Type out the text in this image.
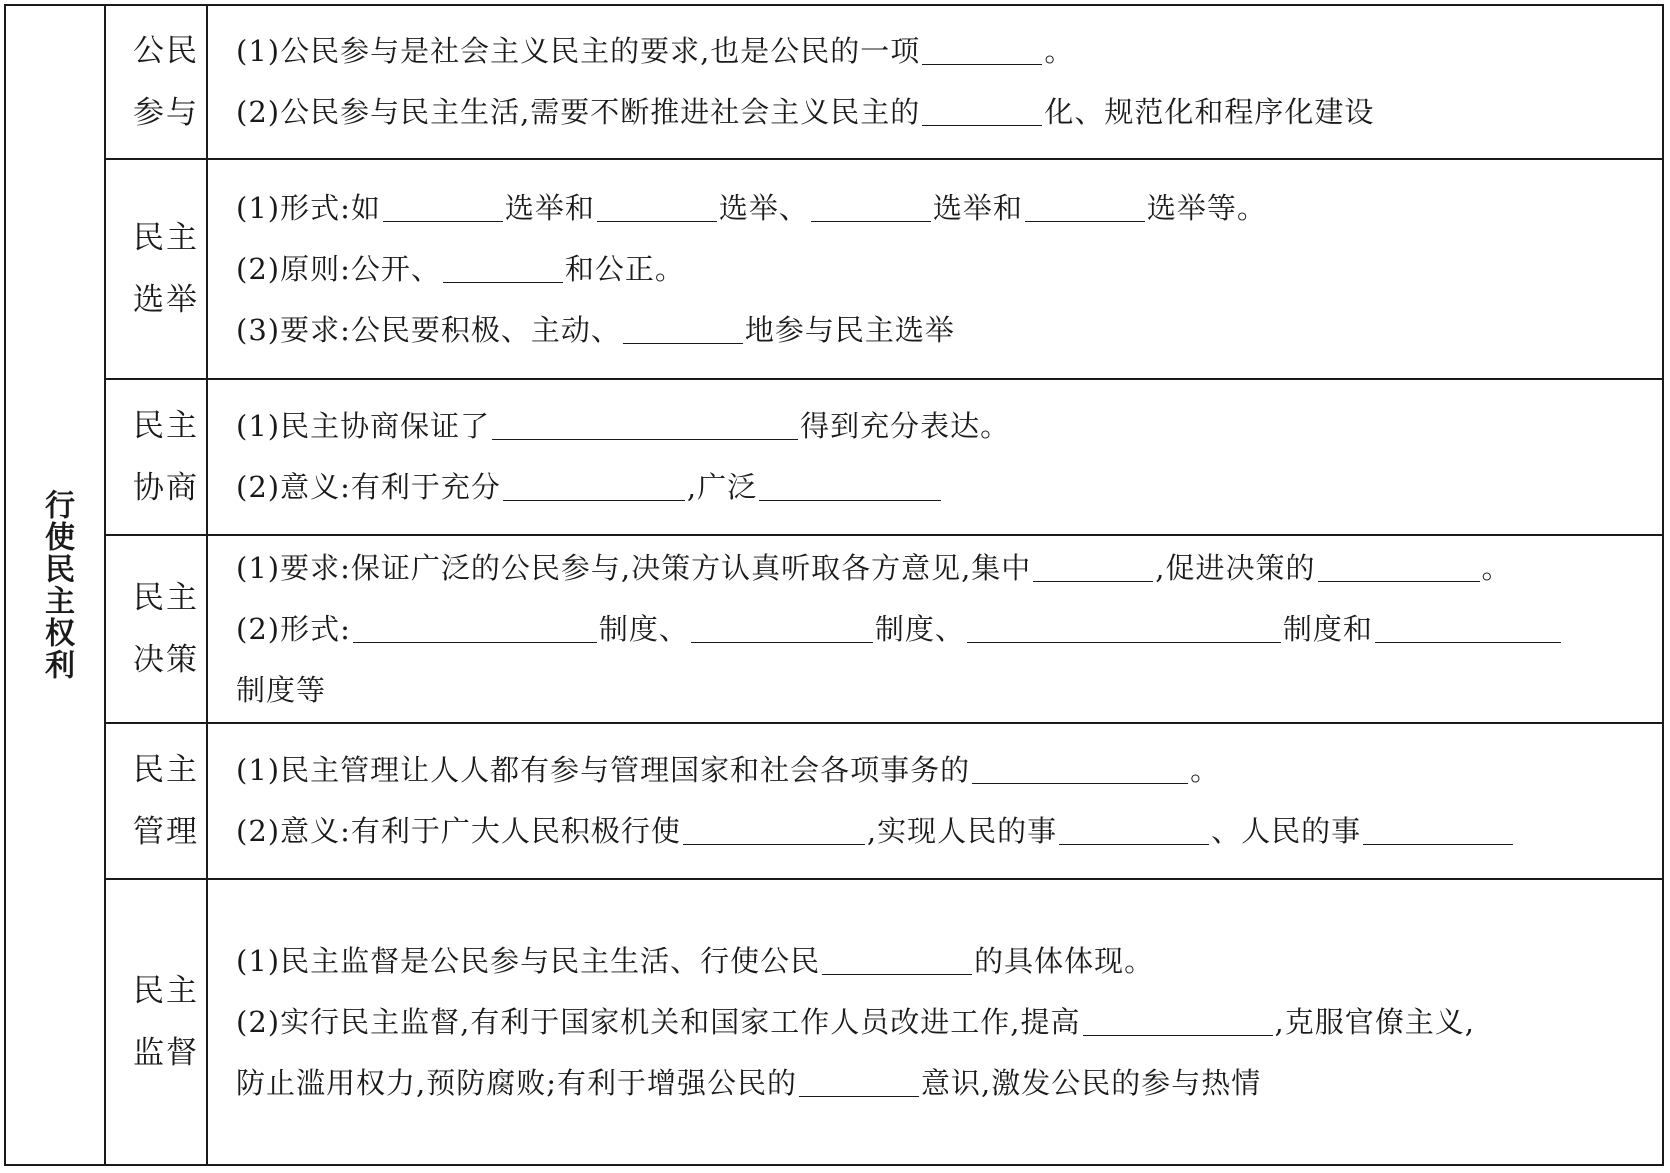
行使民主权利
公民参与
(1)公民参与是社会主义民主的要求,也是公民的一项	。
(2)公民参与民主生活,需要不断推进社会主义民主的	化、规范化和程序化建设
民主选举
(1)形式:如	选举和	选举、	选举和	选举等。
(2)原则:公开、	和公正。
(3)要求:公民要积极、主动、	地参与民主选举
民主协商
(1)民主协商保证了	得到充分表达。
(2)意义:有利于充分	,广泛
民主决策
(1)要求:保证广泛的公民参与,决策方认真听取各方意见,集中	,促进决策的	。
(2)形式:	制度、	制度、	制度和
制度等
民主管理
(1)民主管理让人人都有参与管理国家和社会各项事务的	。
(2)意义:有利于广大人民积极行使	,实现人民的事	、人民的事
民主监督
(1)民主监督是公民参与民主生活、行使公民	的具体体现。
(2)实行民主监督,有利于国家机关和国家工作人员改进工作,提高	,克服官僚主义,
防止滥用权力,预防腐败;有利于增强公民的	意识,激发公民的参与热情
